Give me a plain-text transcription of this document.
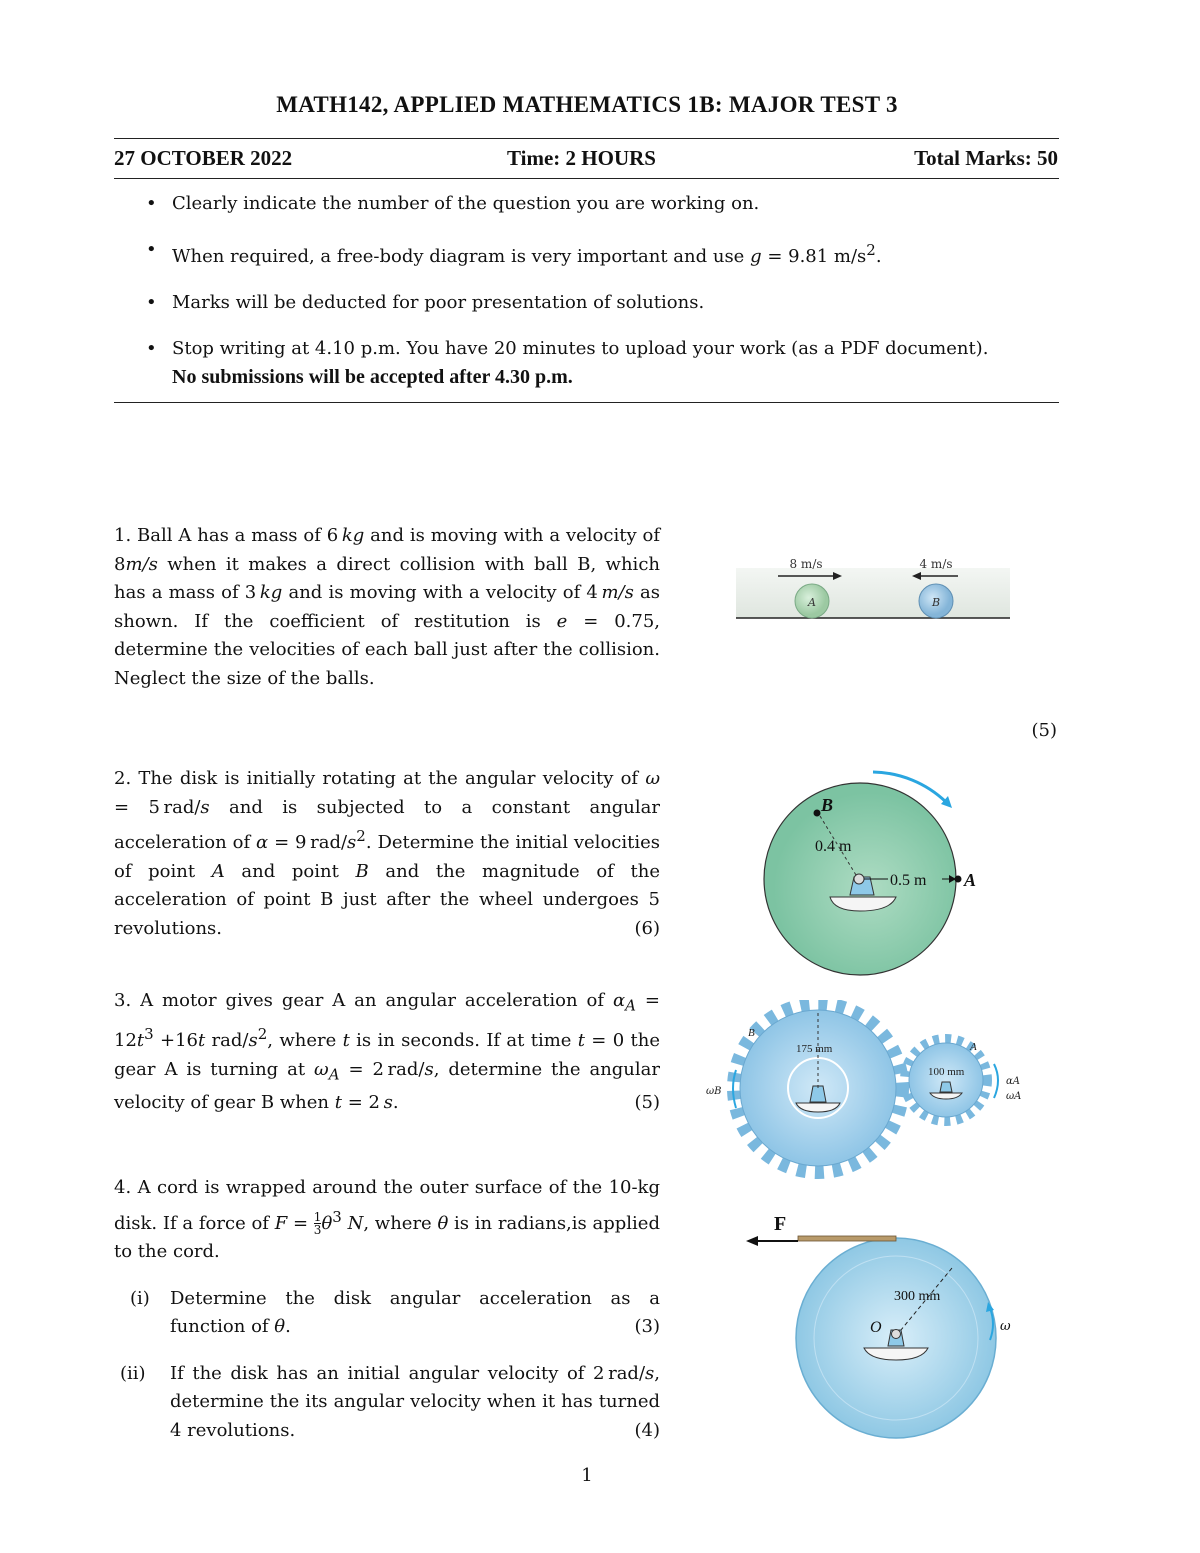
MATH142, APPLIED MATHEMATICS 1B: MAJOR TEST 3
27 OCTOBER 2022	Time: 2 HOURS	Total Marks: 50
• Clearly indicate the number of the question you are working on.
• When required, a free-body diagram is very important and use g = 9.81 $m/s^2$.
• Marks will be deducted for poor presentation of solutions.
• Stop writing at 4.10 p.m. You have 20 minutes to upload your work (as a PDF document).
No submissions will be accepted after 4.30 p.m.
1. Ball A has a mass of 6 kg and is moving with a velocity of 8m/s when it makes a direct collision with ball B, which has a mass of 3 kg and is moving with a velocity of 4 m/s as shown. If the coefficient of restitution is e = 0.75, determine the velocities of each ball just after the collision. Neglect the size of the balls.
(5)
A	B
8 m/s	4 m/s
2. The disk is initially rotating at the angular velocity of ω = 5 rad/s and is subjected to a constant angular acceleration of α = 9 rad/$s^2$. Determine the initial velocities of point A and point B and the magnitude of the acceleration of point B just after the wheel undergoes 5 revolutions.	(6)
B
0.4 m
0.5 m A
3. A motor gives gear A an angular acceleration of $\alpha_A = 12t^3 +16t$ rad/$s^2$, where t is in seconds. If at time t = 0 the gear A is turning at $\omega_A = 2$ rad/s, determine the angular velocity of gear B when t = 2 s.	(5)
175 mm
B
100 mm
A
ωB
αA
ωA
4. A cord is wrapped around the outer surface of the 10-kg disk. If a force of $F = \frac{1}{3} \theta^3$ N, where θ is in radians,is applied to the cord.
(i) Determine the disk angular acceleration as a function of θ.	(3)
(ii) If the disk has an initial angular velocity of 2 rad/s, determine the its angular velocity when it has turned 4 revolutions.	(4)
F
300 mm
O	ω
1
